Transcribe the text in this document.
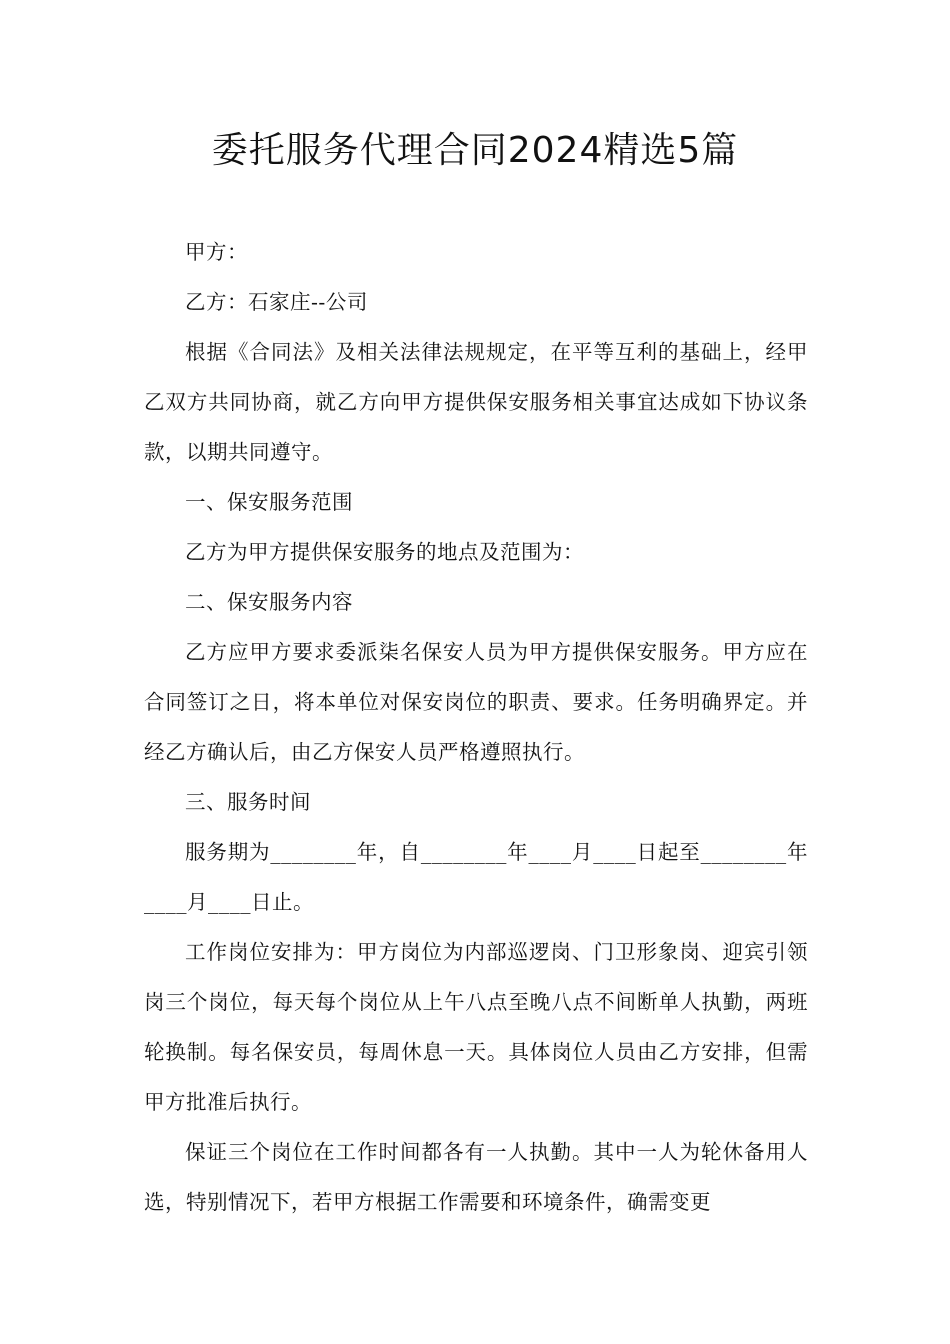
委托服务代理合同2024精选5篇

甲方：

乙方：石家庄--公司

根据《合同法》及相关法律法规规定，在平等互利的基础上，经甲乙双方共同协商，就乙方向甲方提供保安服务相关事宜达成如下协议条款，以期共同遵守。

一、保安服务范围

乙方为甲方提供保安服务的地点及范围为：

二、保安服务内容

乙方应甲方要求委派柒名保安人员为甲方提供保安服务。甲方应在合同签订之日，将本单位对保安岗位的职责、要求。任务明确界定。并经乙方确认后，由乙方保安人员严格遵照执行。

三、服务时间

服务期为________年，自________年____月____日起至________年____月____日止。

工作岗位安排为：甲方岗位为内部巡逻岗、门卫形象岗、迎宾引领岗三个岗位，每天每个岗位从上午八点至晚八点不间断单人执勤，两班轮换制。每名保安员，每周休息一天。具体岗位人员由乙方安排，但需甲方批准后执行。

保证三个岗位在工作时间都各有一人执勤。其中一人为轮休备用人选，特别情况下，若甲方根据工作需要和环境条件，确需变更
